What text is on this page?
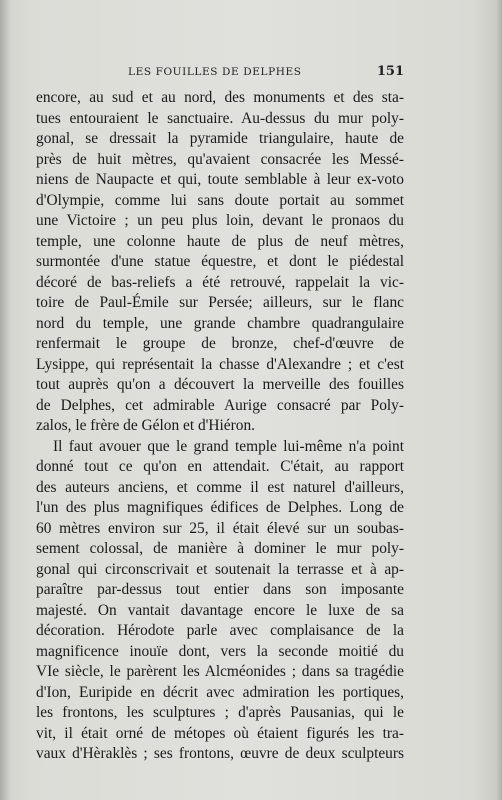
LES FOUILLES DE DELPHES	151
encore, au sud et au nord, des monuments et des sta-
tues entouraient le sanctuaire. Au-dessus du mur poly-
gonal, se dressait la pyramide triangulaire, haute de
près de huit mètres, qu'avaient consacrée les Messé-
niens de Naupacte et qui, toute semblable à leur ex-voto
d'Olympie, comme lui sans doute portait au sommet
une Victoire ; un peu plus loin, devant le pronaos du
temple, une colonne haute de plus de neuf mètres,
surmontée d'une statue équestre, et dont le piédestal
décoré de bas-reliefs a été retrouvé, rappelait la vic-
toire de Paul-Émile sur Persée; ailleurs, sur le flanc
nord du temple, une grande chambre quadrangulaire
renfermait le groupe de bronze, chef-d'œuvre de
Lysippe, qui représentait la chasse d'Alexandre ; et c'est
tout auprès qu'on a découvert la merveille des fouilles
de Delphes, cet admirable Aurige consacré par Poly-
zalos, le frère de Gélon et d'Hiéron.
Il faut avouer que le grand temple lui-même n'a point
donné tout ce qu'on en attendait. C'était, au rapport
des auteurs anciens, et comme il est naturel d'ailleurs,
l'un des plus magnifiques édifices de Delphes. Long de
60 mètres environ sur 25, il était élevé sur un soubas-
sement colossal, de manière à dominer le mur poly-
gonal qui circonscrivait et soutenait la terrasse et à ap-
paraître par-dessus tout entier dans son imposante
majesté. On vantait davantage encore le luxe de sa
décoration. Hérodote parle avec complaisance de la
magnificence inouïe dont, vers la seconde moitié du
VIe siècle, le parèrent les Alcméonides ; dans sa tragédie
d'Ion, Euripide en décrit avec admiration les portiques,
les frontons, les sculptures ; d'après Pausanias, qui le
vit, il était orné de métopes où étaient figurés les tra-
vaux d'Hèraklès ; ses frontons, œuvre de deux sculpteurs
